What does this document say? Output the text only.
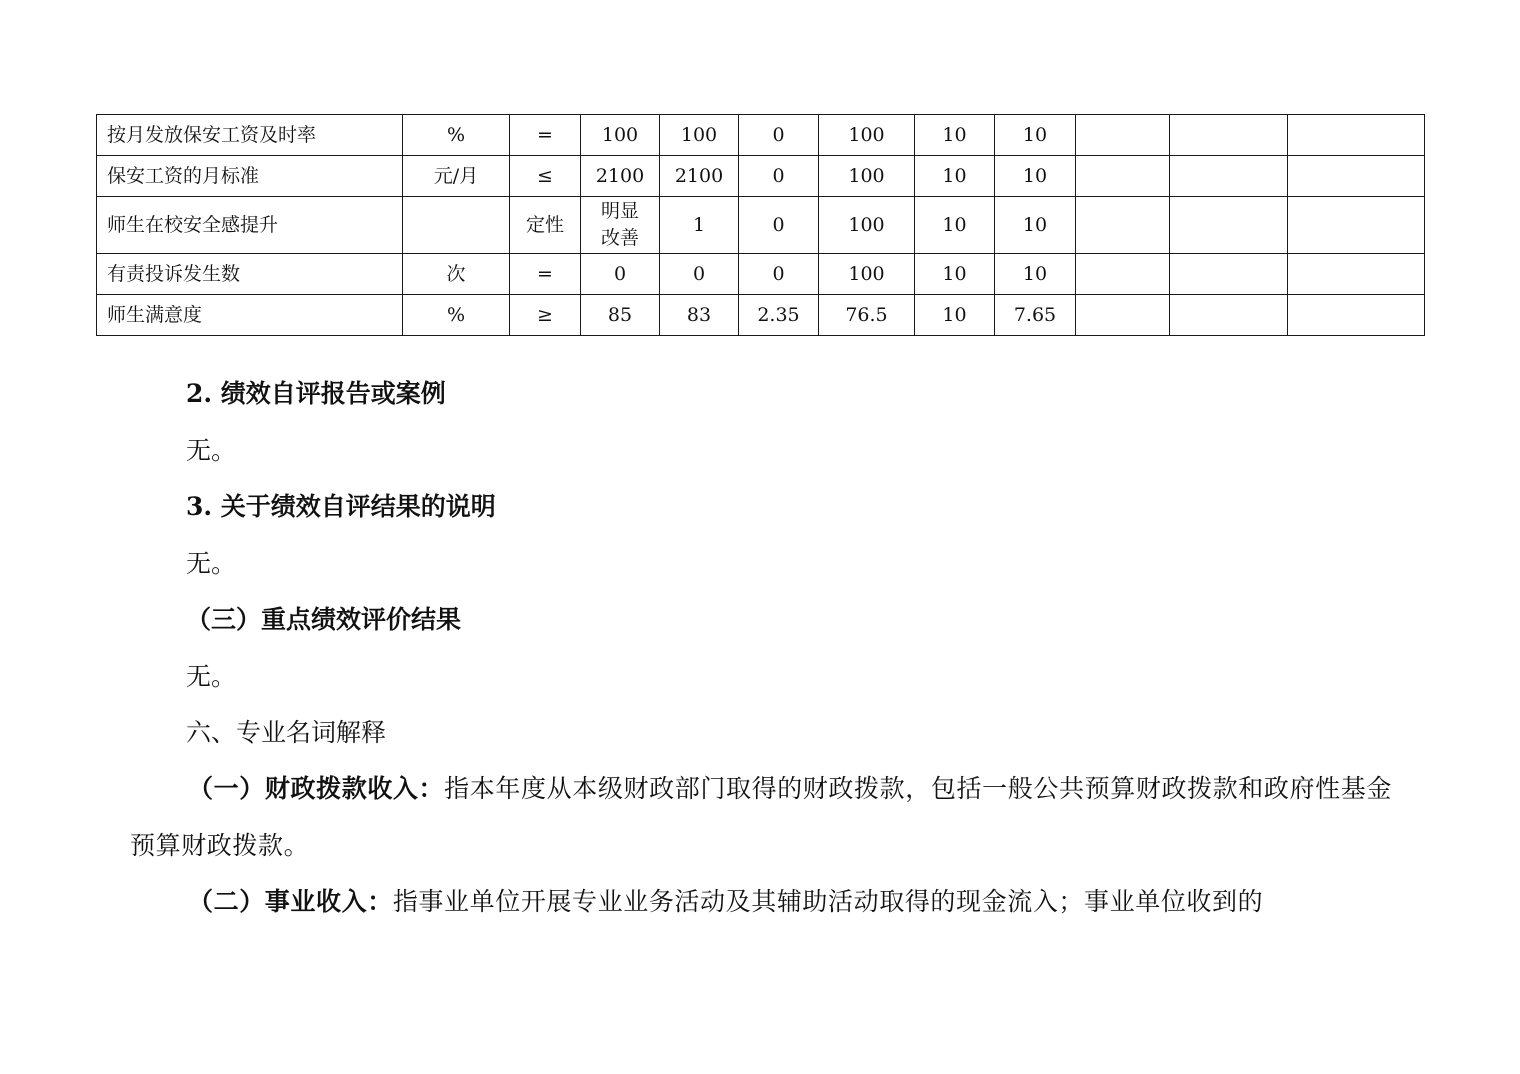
按月发放保安工资及时率	%	=	100	100	0	100	10	10			
保安工资的月标准	元/月	≤	2100	2100	0	100	10	10			
师生在校安全感提升		定性	明显改善	1	0	100	10	10			
有责投诉发生数	次	=	0	0	0	100	10	10			
师生满意度	%	≥	85	83	2.35	76.5	10	7.65			
2. 绩效自评报告或案例
无。
3. 关于绩效自评结果的说明
无。
（三）重点绩效评价结果
无。
六、专业名词解释
（一）财政拨款收入：指本年度从本级财政部门取得的财政拨款，包括一般公共预算财政拨款和政府性基金预算财政拨款。
（二）事业收入：指事业单位开展专业业务活动及其辅助活动取得的现金流入；事业单位收到的
